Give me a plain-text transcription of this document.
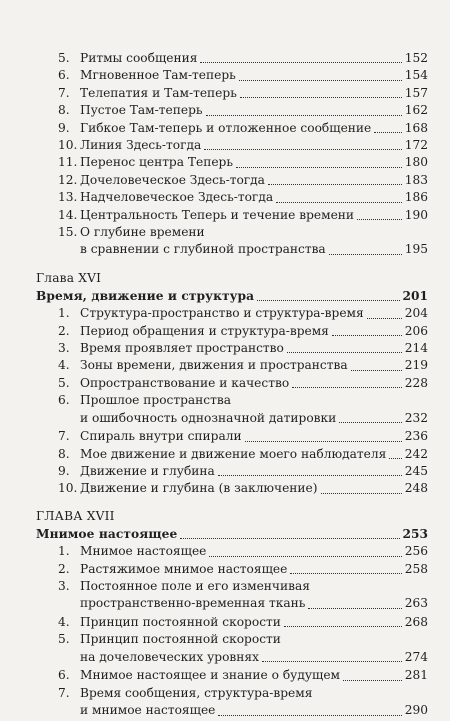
5. Ритмы сообщения	152
6. Мгновенное Там-теперь	154
7. Телепатия и Там-теперь	157
8. Пустое Там-теперь	162
9. Гибкое Там-теперь и отложенное сообщение	168
10. Линия Здесь-тогда	172
11. Перенос центра Теперь	180
12. Дочеловеческое Здесь-тогда	183
13. Надчеловеческое Здесь-тогда	186
14. Центральность Теперь и течение времени	190
15. О глубине времени
в сравнении с глубиной пространства	195
Глава XVI
Время, движение и структура	201
1. Структура-пространство и структура-время	204
2. Период обращения и структура-время	206
3. Время проявляет пространство	214
4. Зоны времени, движения и пространства	219
5. Опространствование и качество	228
6. Прошлое пространства
и ошибочность однозначной датировки	232
7. Спираль внутри спирали	236
8. Мое движение и движение моего наблюдателя 242
9. Движение и глубина	245
10. Движение и глубина (в заключение)	248
ГЛАВА XVII
Мнимое настоящее	253
1. Мнимое настоящее	256
2. Растяжимое мнимое настоящее	258
3. Постоянное поле и его изменчивая
пространственно-временная ткань	263
4. Принцип постоянной скорости	268
5. Принцип постоянной скорости
на дочеловеческих уровнях	274
6. Мнимое настоящее и знание о будущем	281
7. Время сообщения, структура-время
и мнимое настоящее	290
